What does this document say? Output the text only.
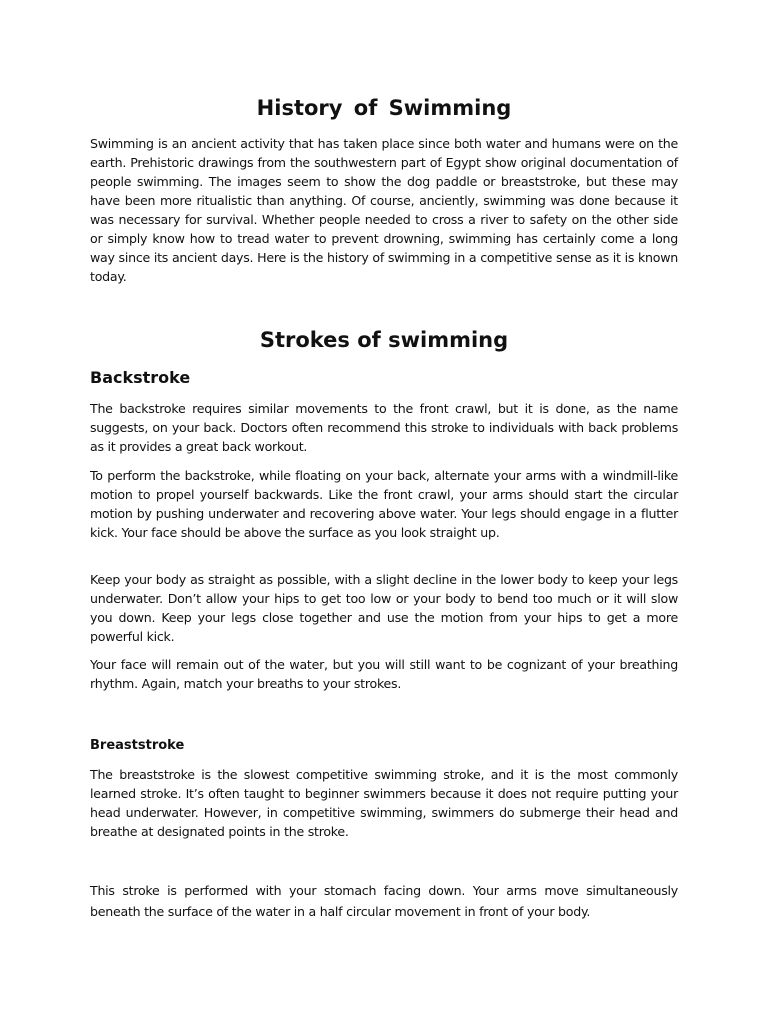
History of Swimming

Swimming is an ancient activity that has taken place since both water and humans were on the earth. Prehistoric drawings from the southwestern part of Egypt show original documentation of people swimming. The images seem to show the dog paddle or breaststroke, but these may have been more ritualistic than anything. Of course, anciently, swimming was done because it was necessary for survival. Whether people needed to cross a river to safety on the other side or simply know how to tread water to prevent drowning, swimming has certainly come a long way since its ancient days. Here is the history of swimming in a competitive sense as it is known today.

Strokes of swimming
Backstroke

The backstroke requires similar movements to the front crawl, but it is done, as the name suggests, on your back. Doctors often recommend this stroke to individuals with back problems as it provides a great back workout.

To perform the backstroke, while floating on your back, alternate your arms with a windmill-like motion to propel yourself backwards. Like the front crawl, your arms should start the circular motion by pushing underwater and recovering above water. Your legs should engage in a flutter kick. Your face should be above the surface as you look straight up.

Keep your body as straight as possible, with a slight decline in the lower body to keep your legs underwater. Don’t allow your hips to get too low or your body to bend too much or it will slow you down. Keep your legs close together and use the motion from your hips to get a more powerful kick.

Your face will remain out of the water, but you will still want to be cognizant of your breathing rhythm. Again, match your breaths to your strokes.

Breaststroke

The breaststroke is the slowest competitive swimming stroke, and it is the most commonly learned stroke. It’s often taught to beginner swimmers because it does not require putting your head underwater. However, in competitive swimming, swimmers do submerge their head and breathe at designated points in the stroke.

This stroke is performed with your stomach facing down. Your arms move simultaneously beneath the surface of the water in a half circular movement in front of your body.
